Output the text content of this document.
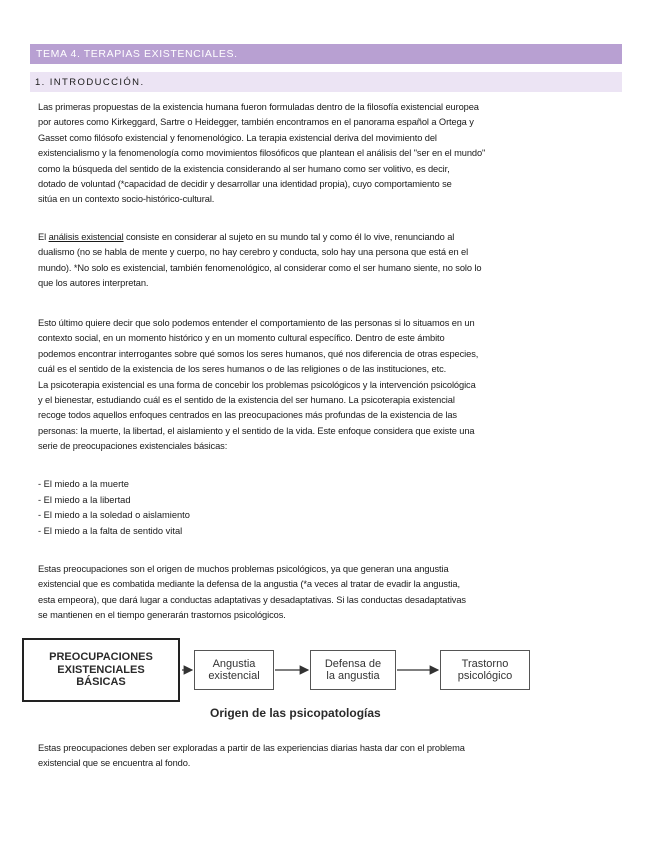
TEMA 4. TERAPIAS EXISTENCIALES.
1. INTRODUCCIÓN.
Las primeras propuestas de la existencia humana fueron formuladas dentro de la filosofía existencial europea
por autores como Kirkeggard, Sartre o Heidegger, también encontramos en el panorama español a Ortega y
Gasset como filósofo existencial y fenomenológico. La terapia existencial deriva del movimiento del
existencialismo y la fenomenología como movimientos filosóficos que plantean el análisis del "ser en el mundo"
como la búsqueda del sentido de la existencia considerando al ser humano como ser volitivo, es decir,
dotado de voluntad (*capacidad de decidir y desarrollar una identidad propia), cuyo comportamiento se
sitúa en un contexto socio-histórico-cultural.
El análisis existencial consiste en considerar al sujeto en su mundo tal y como él lo vive, renunciando al
dualismo (no se habla de mente y cuerpo, no hay cerebro y conducta, solo hay una persona que está en el
mundo). *No solo es existencial, también fenomenológico, al considerar como el ser humano siente, no solo lo
que los autores interpretan.
Esto último quiere decir que solo podemos entender el comportamiento de las personas si lo situamos en un
contexto social, en un momento histórico y en un momento cultural específico. Dentro de este ámbito
podemos encontrar interrogantes sobre qué somos los seres humanos, qué nos diferencia de otras especies,
cuál es el sentido de la existencia de los seres humanos o de las religiones o de las instituciones, etc.
La psicoterapia existencial es una forma de concebir los problemas psicológicos y la intervención psicológica
y el bienestar, estudiando cuál es el sentido de la existencia del ser humano. La psicoterapia existencial
recoge todos aquellos enfoques centrados en las preocupaciones más profundas de la existencia de las
personas: la muerte, la libertad, el aislamiento y el sentido de la vida. Este enfoque considera que existe una
serie de preocupaciones existenciales básicas:
- El miedo a la muerte
- El miedo a la libertad
- El miedo a la soledad o aislamiento
- El miedo a la falta de sentido vital
Estas preocupaciones son el origen de muchos problemas psicológicos, ya que generan una angustia
existencial que es combatida mediante la defensa de la angustia (*a veces al tratar de evadir la angustia,
esta empeora), que dará lugar a conductas adaptativas y desadaptativas. Si las conductas desadaptativas
se mantienen en el tiempo generarán trastornos psicológicos.
PREOCUPACIONES
EXISTENCIALES
BÁSICAS
Angustia
existencial
Defensa de
la angustia
Trastorno
psicológico
Origen de las psicopatologías
Estas preocupaciones deben ser exploradas a partir de las experiencias diarias hasta dar con el problema
existencial que se encuentra al fondo.
